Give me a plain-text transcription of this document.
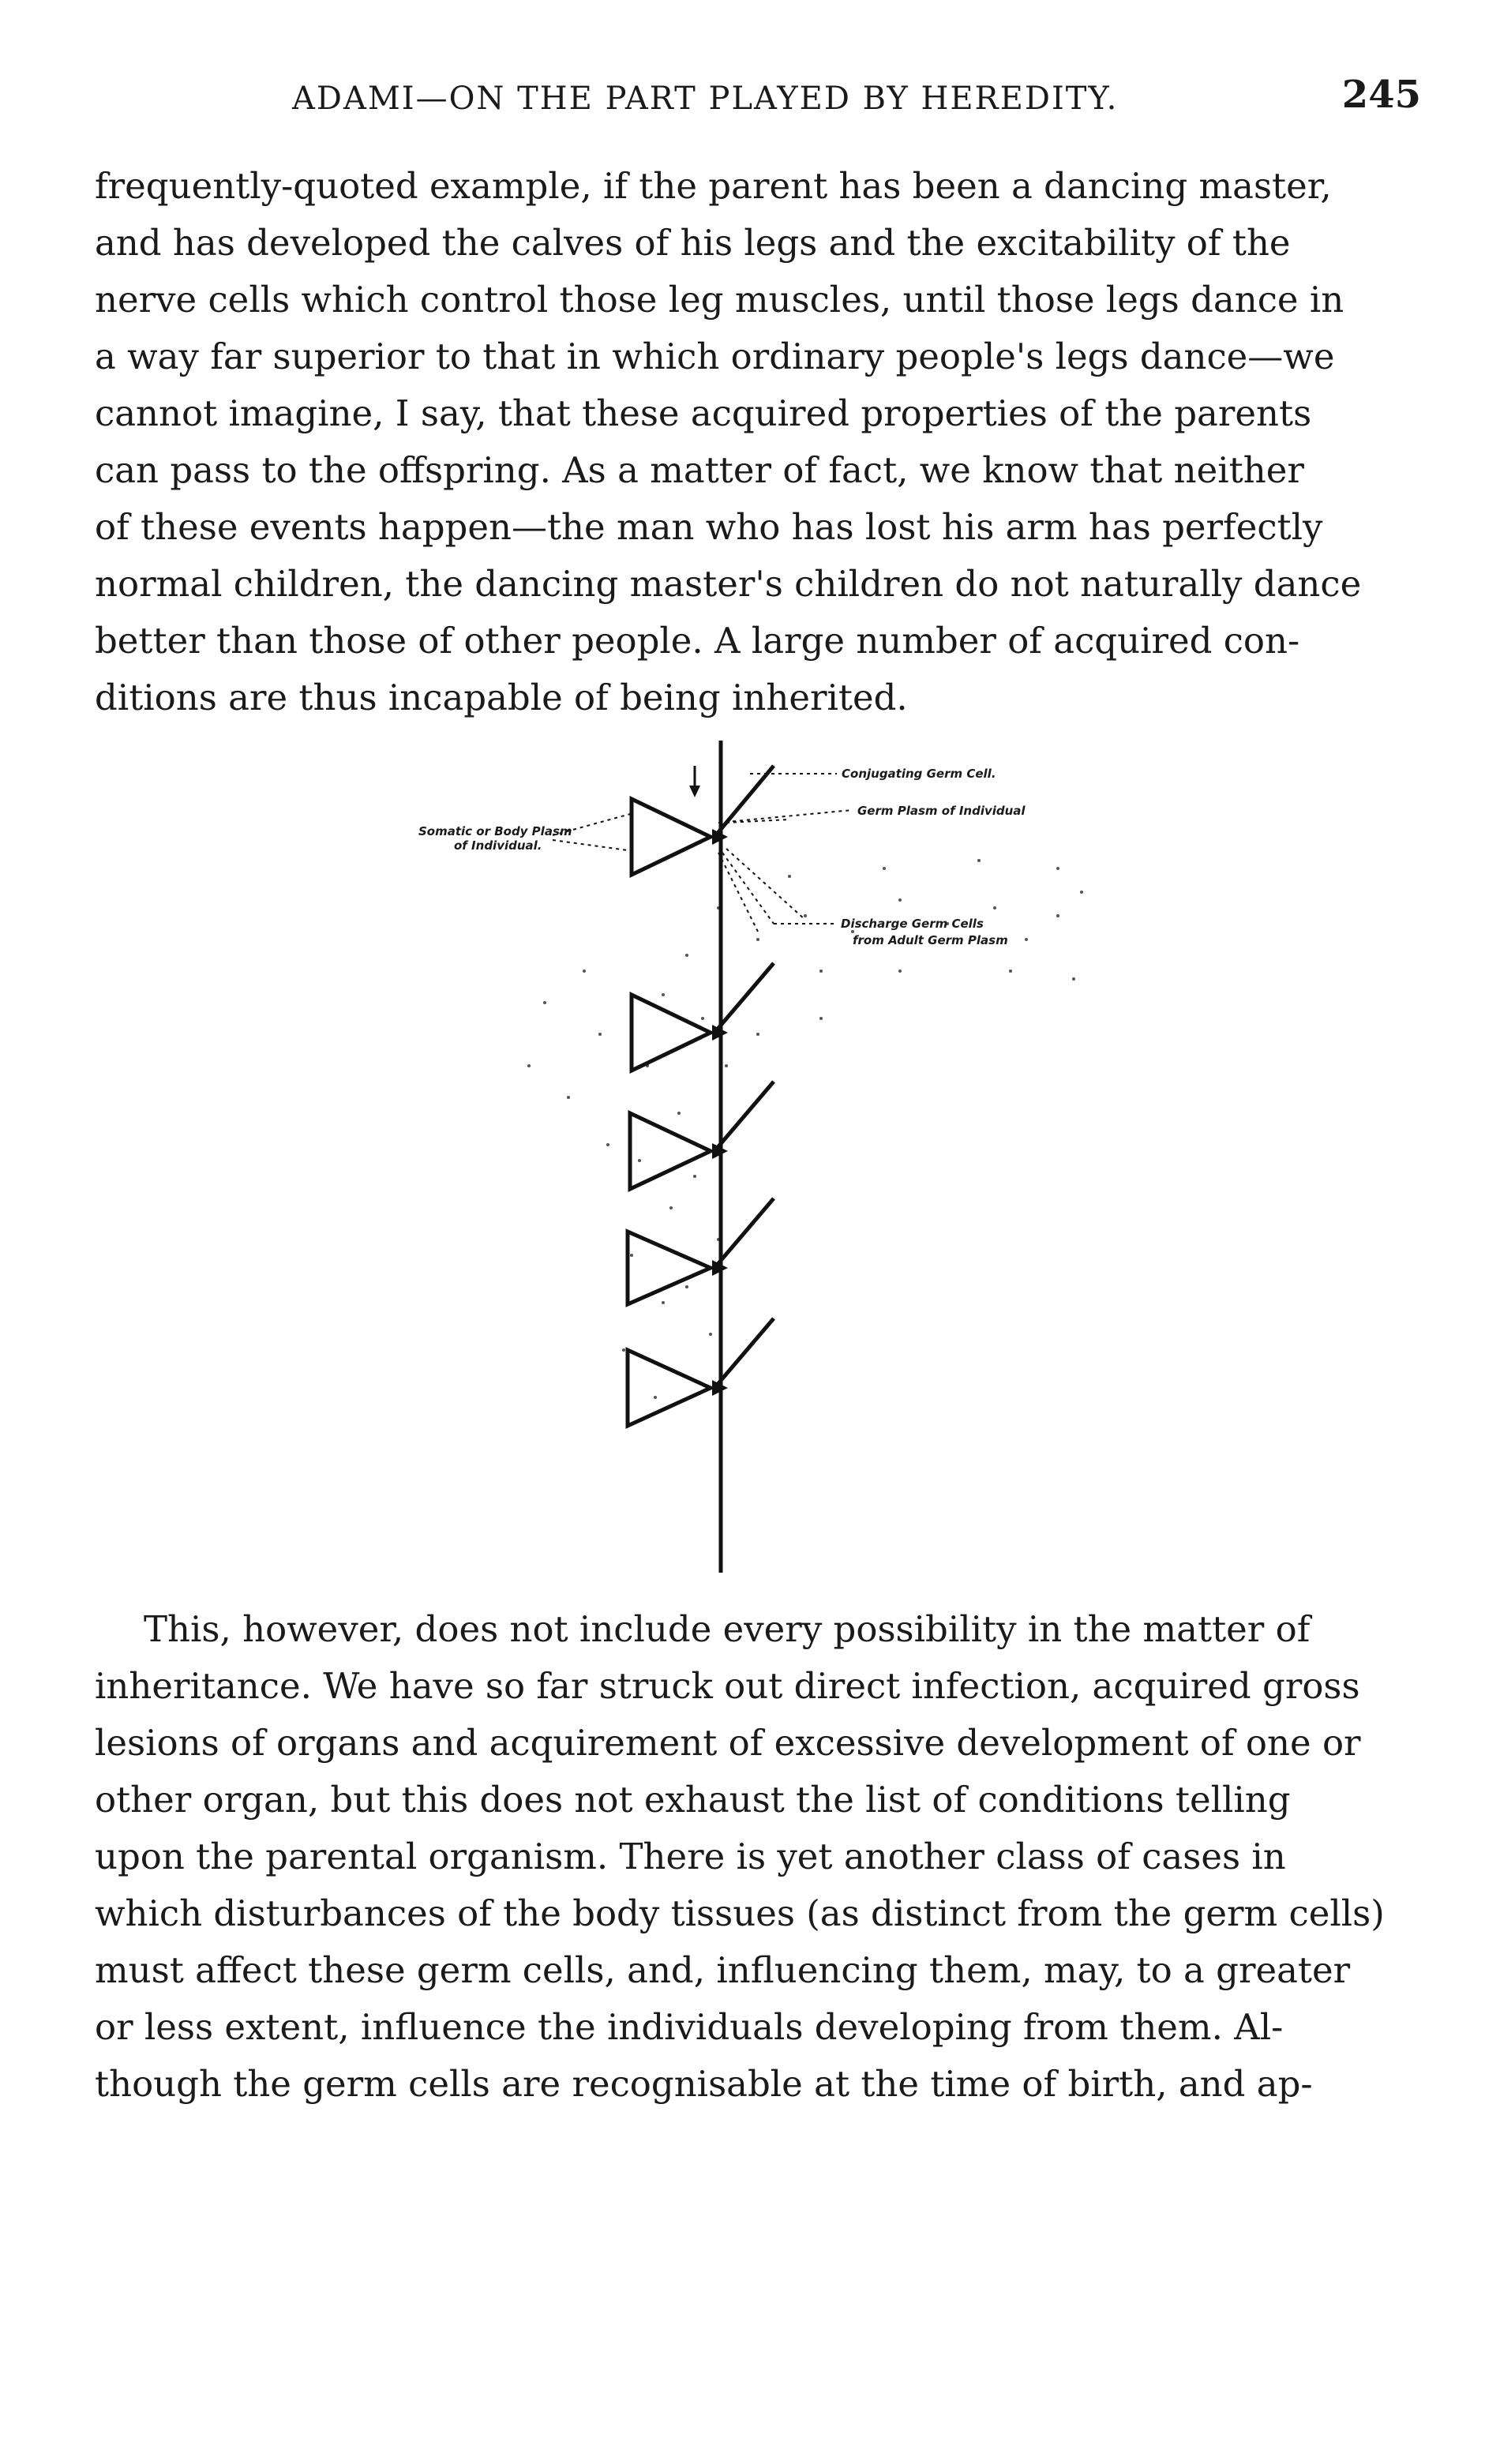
ADAMI—ON THE PART PLAYED BY HEREDITY.	245
frequently-quoted example, if the parent has been a dancing master,
and has developed the calves of his legs and the excitability of the
nerve cells which control those leg muscles, until those legs dance in
a way far superior to that in which ordinary people's legs dance—we
cannot imagine, I say, that these acquired properties of the parents
can pass to the offspring. As a matter of fact, we know that neither
of these events happen—the man who has lost his arm has perfectly
normal children, the dancing master's children do not naturally dance
better than those of other people. A large number of acquired con-
ditions are thus incapable of being inherited.
Conjugating Germ Cell.
Germ Plasm of Individual
Somatic or Body Plasm
of Individual.
Discharge Germ Cells
from Adult Germ Plasm
This, however, does not include every possibility in the matter of
inheritance. We have so far struck out direct infection, acquired gross
lesions of organs and acquirement of excessive development of one or
other organ, but this does not exhaust the list of conditions telling
upon the parental organism. There is yet another class of cases in
which disturbances of the body tissues (as distinct from the germ cells)
must affect these germ cells, and, influencing them, may, to a greater
or less extent, influence the individuals developing from them. Al-
though the germ cells are recognisable at the time of birth, and ap-
